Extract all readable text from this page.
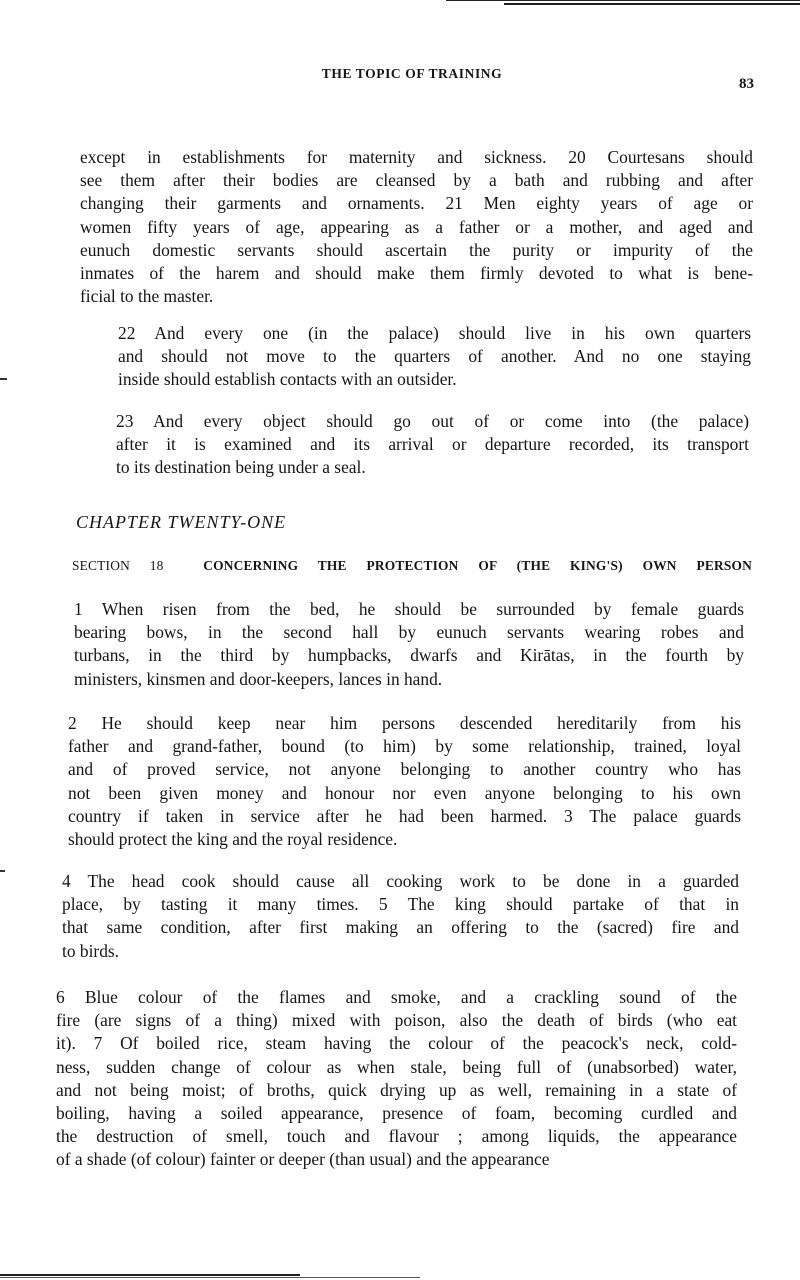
THE TOPIC OF TRAINING
83
except in establishments for maternity and sickness. 20 Courtesans should
see them after their bodies are cleansed by a bath and rubbing and after
changing their garments and ornaments. 21 Men eighty years of age or
women fifty years of age, appearing as a father or a mother, and aged and
eunuch domestic servants should ascertain the purity or impurity of the
inmates of the harem and should make them firmly devoted to what is bene-
ficial to the master.
22 And every one (in the palace) should live in his own quarters
and should not move to the quarters of another. And no one staying
inside should establish contacts with an outsider.
23 And every object should go out of or come into (the palace)
after it is examined and its arrival or departure recorded, its transport
to its destination being under a seal.
CHAPTER TWENTY-ONE
SECTION 18	CONCERNING THE PROTECTION OF (THE KING'S) OWN PERSON
1 When risen from the bed, he should be surrounded by female guards
bearing bows, in the second hall by eunuch servants wearing robes and
turbans, in the third by humpbacks, dwarfs and Kirātas, in the fourth by
ministers, kinsmen and door-keepers, lances in hand.
2 He should keep near him persons descended hereditarily from his
father and grand-father, bound (to him) by some relationship, trained, loyal
and of proved service, not anyone belonging to another country who has
not been given money and honour nor even anyone belonging to his own
country if taken in service after he had been harmed. 3 The palace guards
should protect the king and the royal residence.
4 The head cook should cause all cooking work to be done in a guarded
place, by tasting it many times. 5 The king should partake of that in
that same condition, after first making an offering to the (sacred) fire and
to birds.
6 Blue colour of the flames and smoke, and a crackling sound of the
fire (are signs of a thing) mixed with poison, also the death of birds (who eat
it). 7 Of boiled rice, steam having the colour of the peacock's neck, cold-
ness, sudden change of colour as when stale, being full of (unabsorbed) water,
and not being moist; of broths, quick drying up as well, remaining in a state of
boiling, having a soiled appearance, presence of foam, becoming curdled and
the destruction of smell, touch and flavour ; among liquids, the appearance
of a shade (of colour) fainter or deeper (than usual) and the appearance
